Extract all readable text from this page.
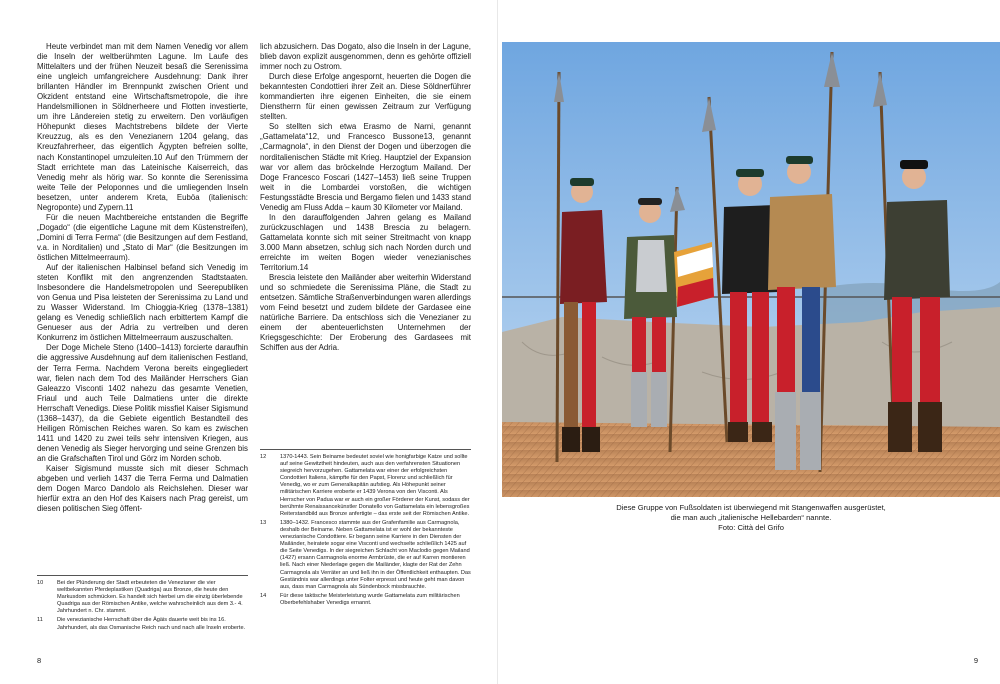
Heute verbindet man mit dem Namen Venedig vor allem die Inseln der weltberühmten Lagune. Im Laufe des Mittelalters und der frühen Neuzeit besaß die Serenissima eine ungleich umfangreichere Ausdehnung: Dank ihrer brillanten Händler im Brennpunkt zwischen Orient und Okzident entstand eine Wirtschaftsmetropole, die ihre Handelsmillionen in Söldnerheere und Flotten investierte, um ihre Ländereien stetig zu erweitern. Den vorläufigen Höhepunkt dieses Machtstrebens bildete der Vierte Kreuzzug, als es den Venezianern 1204 gelang, das Kreuzfahrerheer, das eigentlich Ägypten befreien sollte, nach Konstantinopel umzuleiten.10 Auf den Trümmern der Stadt errichtete man das Lateinische Kaiserreich, das Venedig mehr als hörig war. So konnte die Serenissima weite Teile der Peloponnes und die umliegenden Inseln besetzen, unter anderem Kreta, Euböa (italienisch: Negroponte) und Zypern.11

Für die neuen Machtbereiche entstanden die Begriffe „Dogado“ (die eigentliche Lagune mit dem Küstenstreifen), „Domini di Terra Ferma“ (die Besitzungen auf dem Festland, v.a. in Norditalien) und „Stato di Mar“ (die Besitzungen im östlichen Mittelmeerraum).

Auf der italienischen Halbinsel befand sich Venedig im steten Konflikt mit den angrenzenden Stadtstaaten. Insbesondere die Handelsmetropolen und Seerepubliken von Genua und Pisa leisteten der Serenissima zu Land und zu Wasser Widerstand. Im Chioggia-Krieg (1378–1381) gelang es Venedig schließlich nach erbittertem Kampf die Genueser aus der Adria zu vertreiben und deren Konkurrenz im östlichen Mittelmeerraum auszuschalten.

Der Doge Michele Steno (1400–1413) forcierte daraufhin die aggressive Ausdehnung auf dem italienischen Festland, der Terra Ferma. Nachdem Verona bereits eingegliedert war, fielen nach dem Tod des Mailänder Herrschers Gian Galeazzo Visconti 1402 nahezu das gesamte Venetien, Friaul und auch Teile Dalmatiens unter die direkte Herrschaft Venedigs. Diese Politik missfiel Kaiser Sigismund (1368–1437), da die Gebiete eigentlich Bestandteil des Heiligen Römischen Reiches waren. So kam es zwischen 1411 und 1420 zu zwei teils sehr intensiven Kriegen, aus denen Venedig als Sieger hervorging und seine Grenzen bis an die Grafschaften Tirol und Görz im Norden schob.

Kaiser Sigismund musste sich mit dieser Schmach abgeben und verlieh 1437 die Terra Ferma und Dalmatien dem Dogen Marco Dandolo als Reichslehen. Dieser war hierfür extra an den Hof des Kaisers nach Prag gereist, um diesen politischen Sieg öffent-

lich abzusichern. Das Dogato, also die Inseln in der Lagune, blieb davon explizit ausgenommen, denn es gehörte offiziell immer noch zu Ostrom.

Durch diese Erfolge angespornt, heuerten die Dogen die bekanntesten Condottieri ihrer Zeit an. Diese Söldnerführer kommandierten ihre eigenen Einheiten, die sie einem Dienstherrn für einen gewissen Zeitraum zur Verfügung stellten.

So stellten sich etwa Erasmo de Narni, genannt „Gattamelata“12, und Francesco Bussone13, genannt „Carmagnola“, in den Dienst der Dogen und überzogen die norditalienischen Städte mit Krieg. Hauptziel der Expansion war vor allem das bröckelnde Herzogtum Mailand. Der Doge Francesco Foscari (1427–1453) ließ seine Truppen weit in die Lombardei vorstoßen, die wichtigen Festungsstädte Brescia und Bergamo fielen und 1433 stand Venedig am Fluss Adda – kaum 30 Kilometer vor Mailand.

In den darauffolgenden Jahren gelang es Mailand zurückzuschlagen und 1438 Brescia zu belagern. Gattamelata konnte sich mit seiner Streitmacht von knapp 3.000 Mann absetzen, schlug sich nach Norden durch und erreichte im weiten Bogen wieder venezianisches Territorium.14

Brescia leistete den Mailänder aber weiterhin Widerstand und so schmiedete die Serenissima Pläne, die Stadt zu entsetzen. Sämtliche Straßenverbindungen waren allerdings vom Feind besetzt und zudem bildete der Gardasee eine natürliche Barriere. Da entschloss sich die Venezianer zu einem der abenteuerlichsten Unternehmen der Kriegsgeschichte: Der Eroberung des Gardasees mit Schiffen aus der Adria.

10	Bei der Plünderung der Stadt erbeuteten die Venezianer die vier weltbekannten Pferdeplastiken (Quadriga) aus Bronze, die heute den Markusdom schmücken. Es handelt sich hierbei um die einzig überlebende Quadriga aus der Römischen Antike, welche wahrscheinlich aus dem 3.- 4. Jahrhundert n. Chr. stammt.
11	Die venezianische Herrschaft über die Ägäis dauerte weit bis ins 16. Jahrhundert, als das Osmanische Reich nach und nach alle Inseln eroberte.
12	1370-1443. Sein Beiname bedeutet soviel wie honigfarbige Katze und sollte auf seine Gewitztheit hindeuten, auch aus den verfahrensten Situationen siegreich hervorzugehen. Gattamelata war einer der erfolgreichsten Condottieri Italiens, kämpfte für den Papst, Florenz und schließlich für Venedig, wo er zum Generalkapitän aufstieg. Als Höhepunkt seiner militärischen Karriere eroberte er 1439 Verona von den Visconti. Als Herrscher von Padua war er auch ein großer Förderer der Kunst, sodass der berühmte Renaissancekünstler Donatello von Gattamelata ein lebensgroßes Reiterstandbild aus Bronze anfertigte – das erste seit der Römischen Antike.
13	1380–1432. Francesco stammte aus der Grafenfamilie aus Carmagnola, deshalb der Beiname. Neben Gattamelata ist er wohl der bekannteste venezianische Condottiere. Er begann seine Karriere in den Diensten der Mailänder, heiratete sogar eine Visconti und wechselte schließlich 1425 auf die Seite Venedigs. In der siegreichen Schlacht von Maclodio gegen Mailand (1427) ersann Carmagnola enorme Armbrüste, die er auf Karren montieren ließ. Nach einer Niederlage gegen die Mailänder, klagte der Rat der Zehn Carmagnola als Verräter an und ließ ihn in der Öffentlichkeit enthaupten. Das Geständnis war allerdings unter Folter erpresst und heute geht man davon aus, dass man Carmagnola als Sündenbock missbrauchte.
14	Für diese taktische Meisterleistung wurde Gattamelata zum militärischen Oberbefehlshaber Venedigs ernannt.
8
Diese Gruppe von Fußsoldaten ist überwiegend mit Stangenwaffen ausgerüstet,
die man auch „italienische Hellebarden“ nannte.
Foto: Città del Grifo
9
